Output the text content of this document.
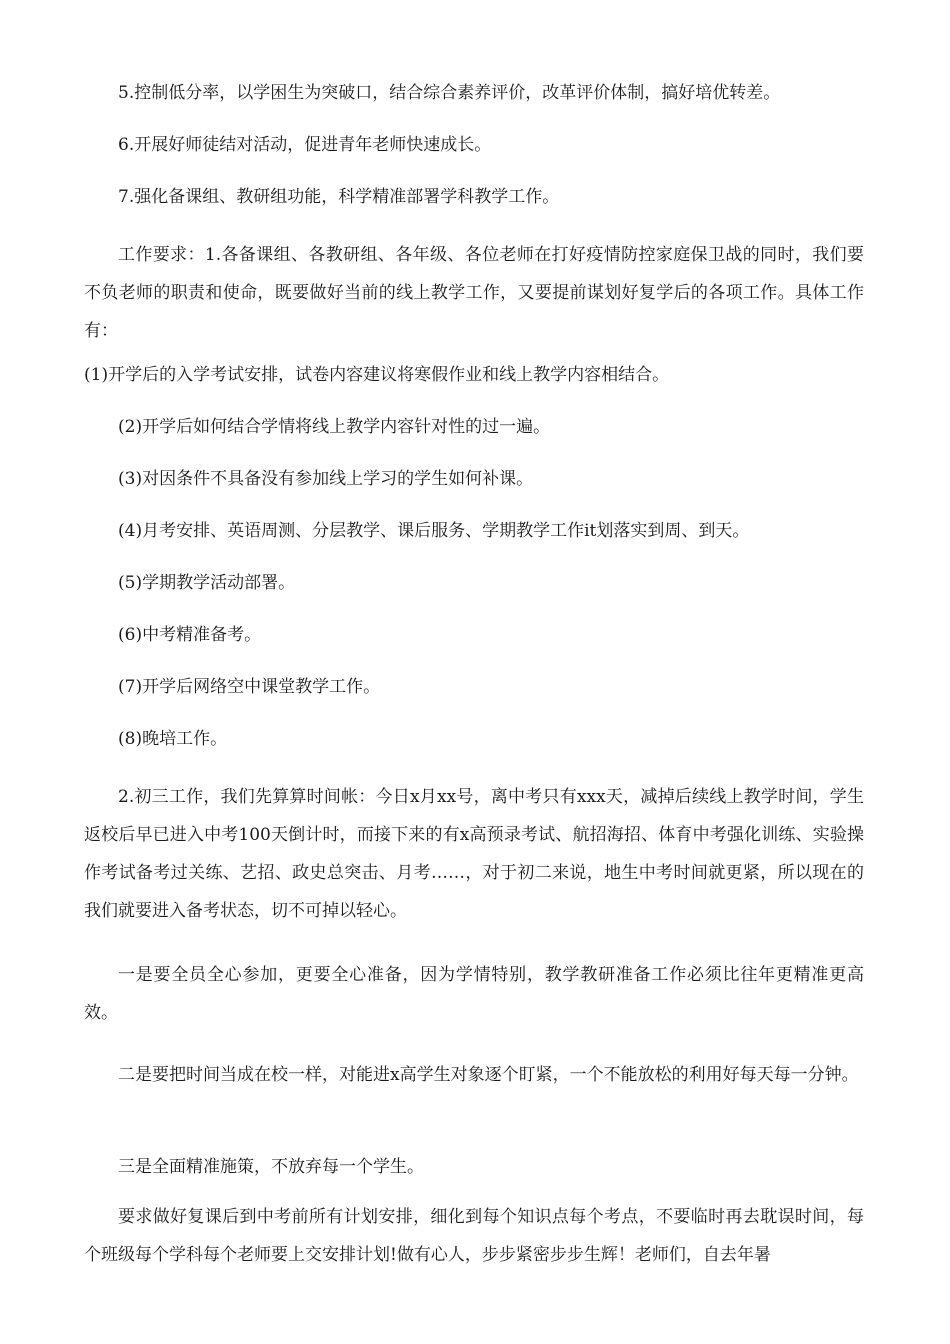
5.控制低分率，以学困生为突破口，结合综合素养评价，改革评价体制，搞好培优转差。

6.开展好师徒结对活动，促进青年老师快速成长。

7.强化备课组、教研组功能，科学精准部署学科教学工作。

工作要求：1.各备课组、各教研组、各年级、各位老师在打好疫情防控家庭保卫战的同时，我们要不负老师的职责和使命，既要做好当前的线上教学工作，又要提前谋划好复学后的各项工作。具体工作有：

(1)开学后的入学考试安排，试卷内容建议将寒假作业和线上教学内容相结合。

(2)开学后如何结合学情将线上教学内容针对性的过一遍。

(3)对因条件不具备没有参加线上学习的学生如何补课。

(4)月考安排、英语周测、分层教学、课后服务、学期教学工作it划落实到周、到天。

(5)学期教学活动部署。

(6)中考精准备考。

(7)开学后网络空中课堂教学工作。

(8)晚培工作。

2.初三工作，我们先算算时间帐：今日x月xx号，离中考只有xxx天，减掉后续线上教学时间，学生返校后早已进入中考100天倒计时，而接下来的有x高预录考试、航招海招、体育中考强化训练、实验操作考试备考过关练、艺招、政史总突击、月考……，对于初二来说，地生中考时间就更紧，所以现在的我们就要进入备考状态，切不可掉以轻心。

一是要全员全心参加，更要全心准备，因为学情特别，教学教研准备工作必须比往年更精准更高效。

二是要把时间当成在校一样，对能进x高学生对象逐个盯紧，一个不能放松的利用好每天每一分钟。

三是全面精准施策，不放弃每一个学生。

要求做好复课后到中考前所有计划安排，细化到每个知识点每个考点，不要临时再去耽误时间，每个班级每个学科每个老师要上交安排计划!做有心人，步步紧密步步生辉！老师们，自去年暑
